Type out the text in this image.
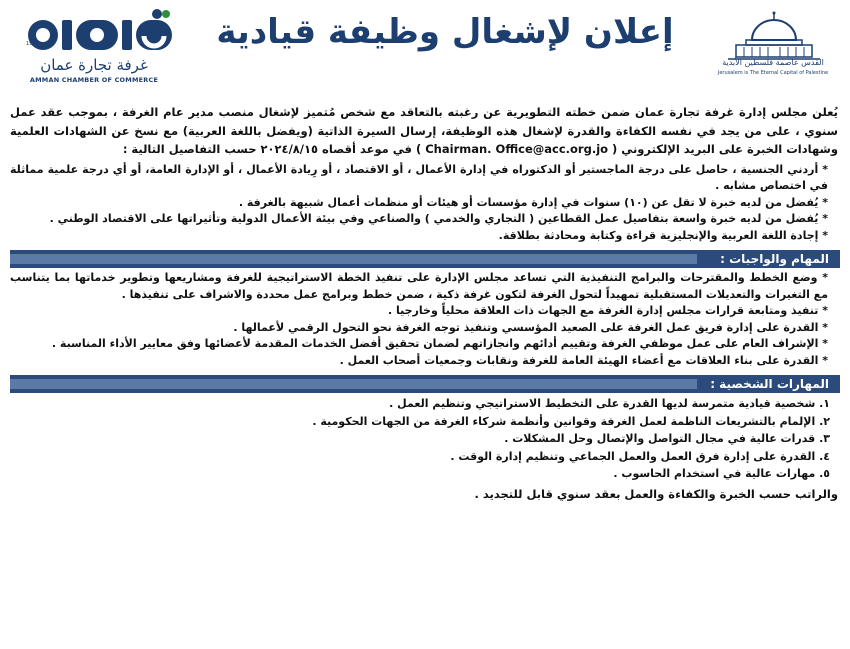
1923
غرفة تجارة عمان
AMMAN CHAMBER OF COMMERCE
إعلان لإشغال وظيفة قيادية
القدس عاصمة فلسطين الأبدية
Jerusalem is The Eternal Capital of Palestine

يُعلن مجلس إدارة غرفة تجارة عمان ضمن خطته التطويرية عن رغبته بالتعاقد مع شخص مُتميز لإشغال منصب مدير عام الغرفة ، بموجب عقد عمل سنوي ، على من يجد في نفسه الكفاءة والقدرة لإشغال هذه الوظيفة، إرسال السيرة الذاتية (ويفضل باللغة العربية) مع نسخ عن الشهادات العلمية وشهادات الخبرة على البريد الإلكتروني ( Chairman. Office@acc.org.jo ) في موعد أقصاه ٢٠٢٤/٨/١٥ حسب التفاصيل التالية :

* أردني الجنسية ، حاصل على درجة الماجستير أو الدكتوراه في إدارة الأعمال ، أو الاقتصاد ، أو رِيادة الأعمال ، أو الإدارة العامة، أو أي درجة علمية مماثلة في اختصاص مشابه .
* يُفضل من لديه خبرة لا تقل عن (١٠) سنوات في إدارة مؤسسات أو هيئات أو منظمات أعمال شبيهة بالغرفة .
* يُفضل من لديه خبرة واسعة بتفاصيل عمل القطاعين ( التجاري والخدمي ) والصناعي وفي بيئة الأعمال الدولية وتأثيراتها على الاقتصاد الوطني .
* إجادة اللغة العربية والإنجليزية قراءة وكتابة ومحادثة بطلاقة.
المهام والواجبات :
* وضع الخطط والمقترحات والبرامج التنفيذية التي تساعد مجلس الإدارة على تنفيذ الخطة الاستراتيجية للغرفة ومشاريعها وتطوير خدماتها بما يتناسب مع التغيرات والتعديلات المستقبلية تمهيداً لتحول الغرفة لتكون غرفة ذكية ، ضمن خطط وبرامج عمل محددة والاشراف على تنفيذها .
* تنفيذ ومتابعة قرارات مجلس إدارة الغرفة مع الجهات ذات العلاقة محلياً وخارجيا .
* القدرة على إدارة فريق عمل الغرفة على الصعيد المؤسسي وتنفيذ توجه الغرفة نحو التحول الرقمي لأعمالها .
* الإشراف العام على عمل موظفي الغرفة وتقييم أدائهم وانجازاتهم لضمان تحقيق أفضل الخدمات المقدمة لأعضائها وفق معايير الأداء المناسبة .
* القدرة على بناء العلاقات مع أعضاء الهيئة العامة للغرفة ونقابات وجمعيات أصحاب العمل .
المهارات الشخصية :
١. شخصية قيادية متمرسة لديها القدرة على التخطيط الاستراتيجي وتنظيم العمل .
٢. الإلمام بالتشريعات الناظمة لعمل الغرفة وقوانين وأنظمة شركاء الغرفة من الجهات الحكومية .
٣. قدرات عالية في مجال التواصل والإتصال وحل المشكلات .
٤. القدرة على إدارة فرق العمل والعمل الجماعي وتنظيم إدارة الوقت .
٥. مهارات عالية في استخدام الحاسوب .
والراتب حسب الخبرة والكفاءة والعمل بعقد سنوي قابل للتجديد .
